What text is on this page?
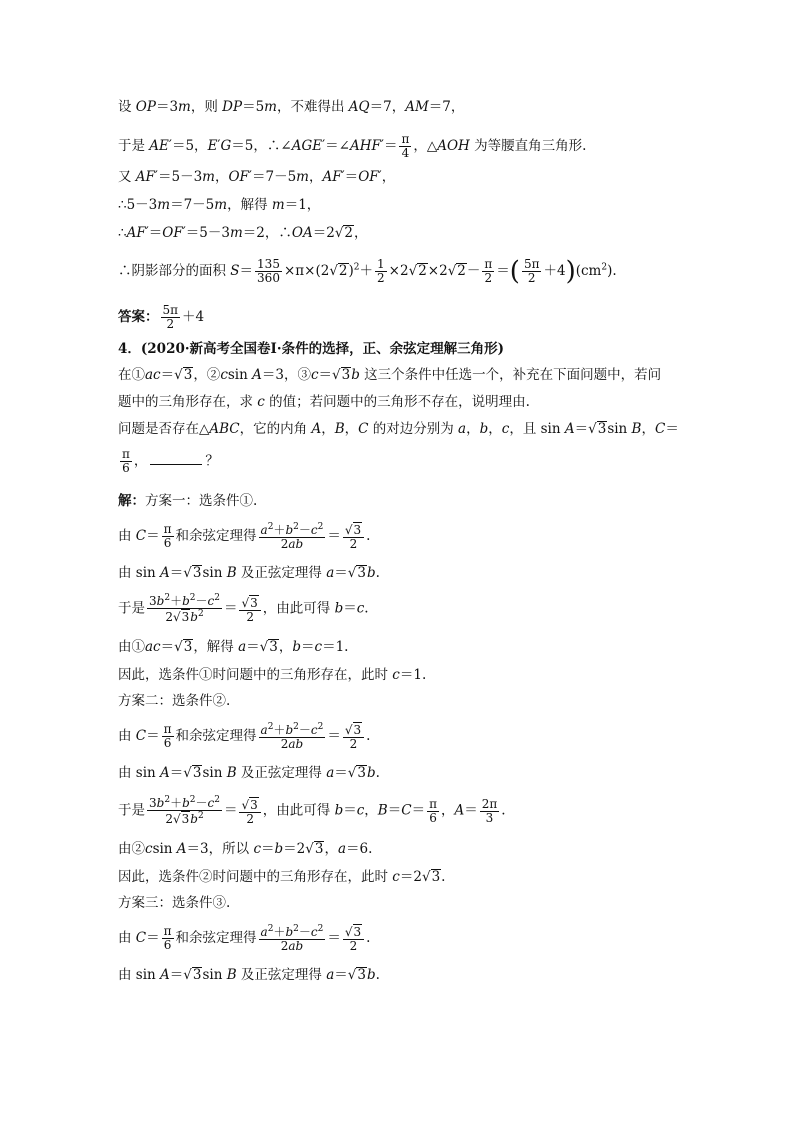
设 OP＝3m，则 DP＝5m，不难得出 AQ＝7，AM＝7，
于是 AE′＝5，E′G＝5，∴∠AGE′＝∠AHF′＝ $\frac{\pi}{4}$ ，△AOH 为等腰直角三角形.
又 AF′＝5－3m，OF′＝7－5m，AF′＝OF′，
∴5－3m＝7－5m，解得 m＝1，
∴AF′＝OF′＝5－3m＝2，∴OA＝2√2，
∴阴影部分的面积 $S= \frac{135}{360} \times\pi\times(2√2)^2+ \frac{1}{2} \times 2√2\times 2√2- \frac{\pi}{2}$ ＝( $\frac{5\pi}{2} +4)(cm^2)$.
答案： $\frac{5\pi}{2} +4$
4．(2020·新高考全国卷Ⅰ·条件的选择，正、余弦定理解三角形)
在①ac＝√3，②csin A＝3，③c＝√3b 这三个条件中任选一个，补充在下面问题中，若问
题中的三角形存在，求 c 的值；若问题中的三角形不存在，说明理由.
问题是否存在△ABC，它的内角 A，B，C 的对边分别为 a，b，c，且 sin A＝√3sin B，C＝
$\frac{\pi}{6}$ ，	？
解：方案一：选条件①.
由 $C= \frac{\pi}{6}$ 和余弦定理得 $\frac{a^2+b^2-c^2}{2ab} = \frac{√3}{2}$ .
由 sin A＝√3sin B 及正弦定理得 a＝√3b.
于是 $\frac{3b^2+b^2-c^2}{2√3b^2} = \frac{√3}{2}$ ，由此可得 b＝c.
由①ac＝√3，解得 a＝√3，b＝c＝1.
因此，选条件①时问题中的三角形存在，此时 c＝1.
方案二：选条件②.
由 $C= \frac{\pi}{6}$ 和余弦定理得 $\frac{a^2+b^2-c^2}{2ab} = \frac{√3}{2}$ .
由 sin A＝√3sin B 及正弦定理得 a＝√3b.
于是 $\frac{3b^2+b^2-c^2}{2√3b^2} = \frac{√3}{2}$ ，由此可得 b＝c，$B=C= \frac{\pi}{6}$ ，$A= \frac{2\pi}{3}$ .
由②csin A＝3，所以 c＝b＝2√3，a＝6.
因此，选条件②时问题中的三角形存在，此时 c＝2√3.
方案三：选条件③.
由 $C= \frac{\pi}{6}$ 和余弦定理得 $\frac{a^2+b^2-c^2}{2ab} = \frac{√3}{2}$ .
由 sin A＝√3sin B 及正弦定理得 a＝√3b.
